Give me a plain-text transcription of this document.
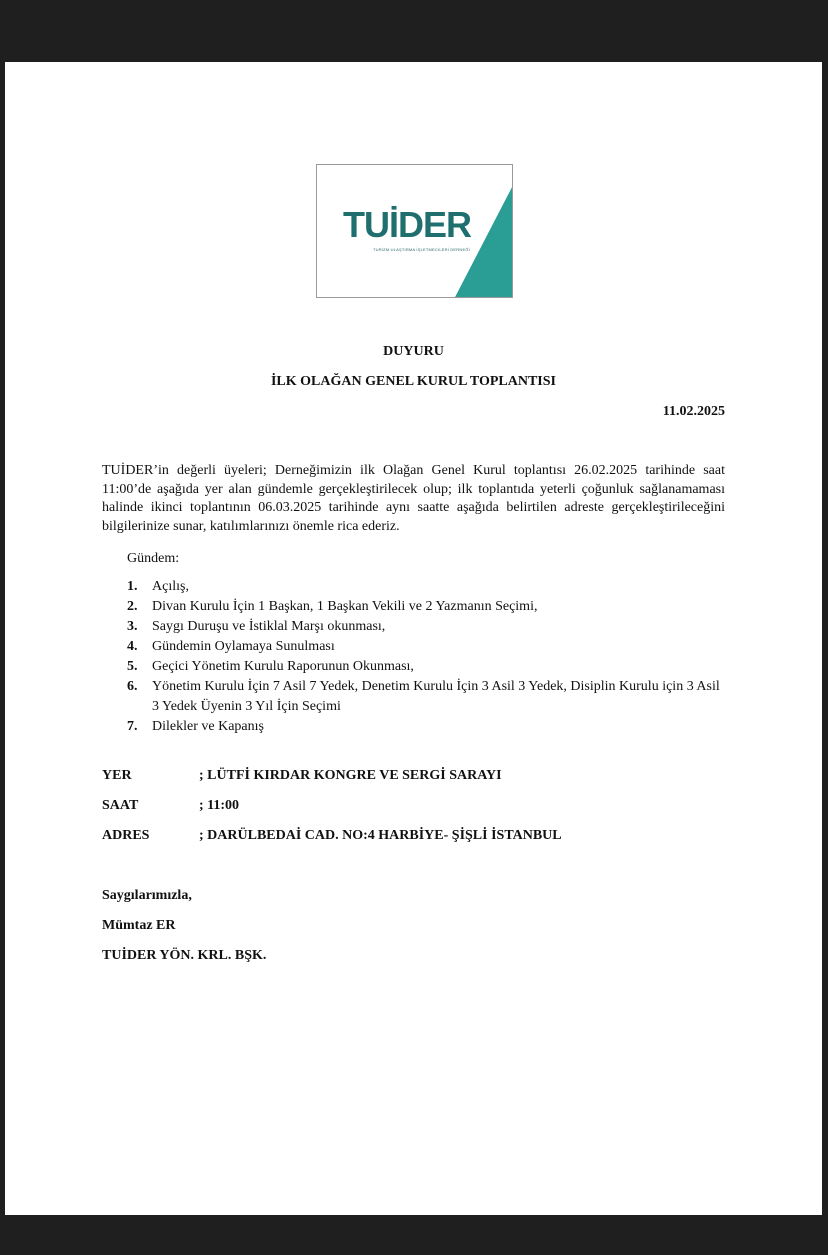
TUİDER
TURİZM ULAŞTIRMA İŞLETMECİLERİ DERNEĞİ
DUYURU
İLK OLAĞAN GENEL KURUL TOPLANTISI
11.02.2025
TUİDER’in değerli üyeleri; Derneğimizin ilk Olağan Genel Kurul toplantısı 26.02.2025 tarihinde saat 11:00’de aşağıda yer alan gündemle gerçekleştirilecek olup; ilk toplantıda yeterli çoğunluk sağlanamaması halinde ikinci toplantının 06.03.2025 tarihinde aynı saatte aşağıda belirtilen adreste gerçekleştirileceğini bilgilerinize sunar, katılımlarınızı önemle rica ederiz.
Gündem:
1. Açılış,
2. Divan Kurulu İçin 1 Başkan, 1 Başkan Vekili ve 2 Yazmanın Seçimi,
3. Saygı Duruşu ve İstiklal Marşı okunması,
4. Gündemin Oylamaya Sunulması
5. Geçici Yönetim Kurulu Raporunun Okunması,
6. Yönetim Kurulu İçin 7 Asil 7 Yedek, Denetim Kurulu İçin 3 Asil 3 Yedek, Disiplin Kurulu için 3 Asil 3 Yedek Üyenin 3 Yıl İçin Seçimi
7. Dilekler ve Kapanış
YER	; LÜTFİ KIRDAR KONGRE VE SERGİ SARAYI
SAAT	; 11:00
ADRES	; DARÜLBEDAİ CAD. NO:4 HARBİYE- ŞİŞLİ İSTANBUL
Saygılarımızla,
Mümtaz ER
TUİDER YÖN. KRL. BŞK.
